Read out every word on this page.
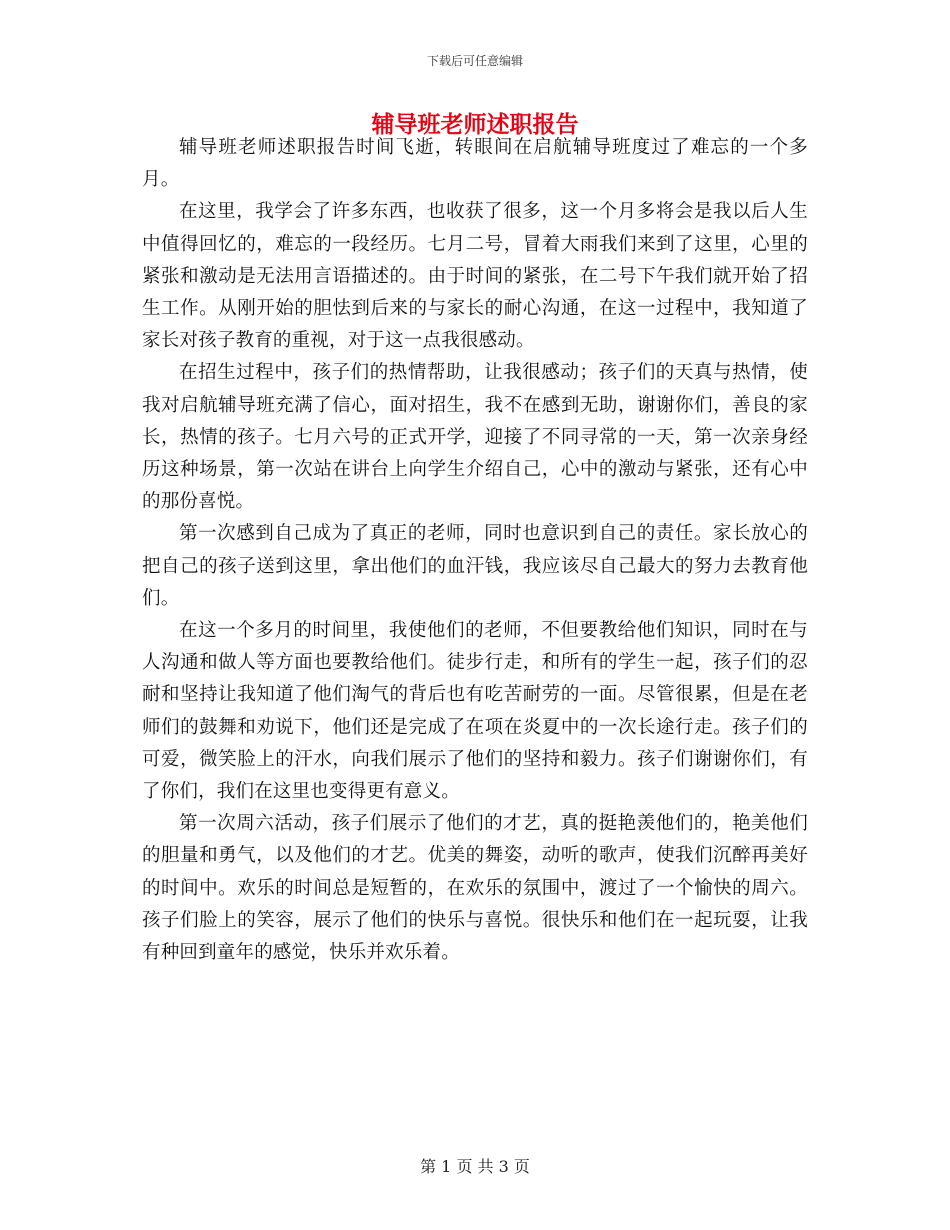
下载后可任意编辑
辅导班老师述职报告

辅导班老师述职报告时间飞逝，转眼间在启航辅导班度过了难忘的一个多月。

在这里，我学会了许多东西，也收获了很多，这一个月多将会是我以后人生中值得回忆的，难忘的一段经历。七月二号，冒着大雨我们来到了这里，心里的紧张和激动是无法用言语描述的。由于时间的紧张，在二号下午我们就开始了招生工作。从刚开始的胆怯到后来的与家长的耐心沟通，在这一过程中，我知道了家长对孩子教育的重视，对于这一点我很感动。

在招生过程中，孩子们的热情帮助，让我很感动；孩子们的天真与热情，使我对启航辅导班充满了信心，面对招生，我不在感到无助，谢谢你们，善良的家长，热情的孩子。七月六号的正式开学，迎接了不同寻常的一天，第一次亲身经历这种场景，第一次站在讲台上向学生介绍自己，心中的激动与紧张，还有心中的那份喜悦。

第一次感到自己成为了真正的老师，同时也意识到自己的责任。家长放心的把自己的孩子送到这里，拿出他们的血汗钱，我应该尽自己最大的努力去教育他们。

在这一个多月的时间里，我使他们的老师，不但要教给他们知识，同时在与人沟通和做人等方面也要教给他们。徒步行走，和所有的学生一起，孩子们的忍耐和坚持让我知道了他们淘气的背后也有吃苦耐劳的一面。尽管很累，但是在老师们的鼓舞和劝说下，他们还是完成了在项在炎夏中的一次长途行走。孩子们的可爱，微笑脸上的汗水，向我们展示了他们的坚持和毅力。孩子们谢谢你们，有了你们，我们在这里也变得更有意义。

第一次周六活动，孩子们展示了他们的才艺，真的挺艳羡他们的，艳美他们的胆量和勇气，以及他们的才艺。优美的舞姿，动听的歌声，使我们沉醉再美好的时间中。欢乐的时间总是短暂的，在欢乐的氛围中，渡过了一个愉快的周六。孩子们脸上的笑容，展示了他们的快乐与喜悦。很快乐和他们在一起玩耍，让我有种回到童年的感觉，快乐并欢乐着。

第 1 页 共 3 页
